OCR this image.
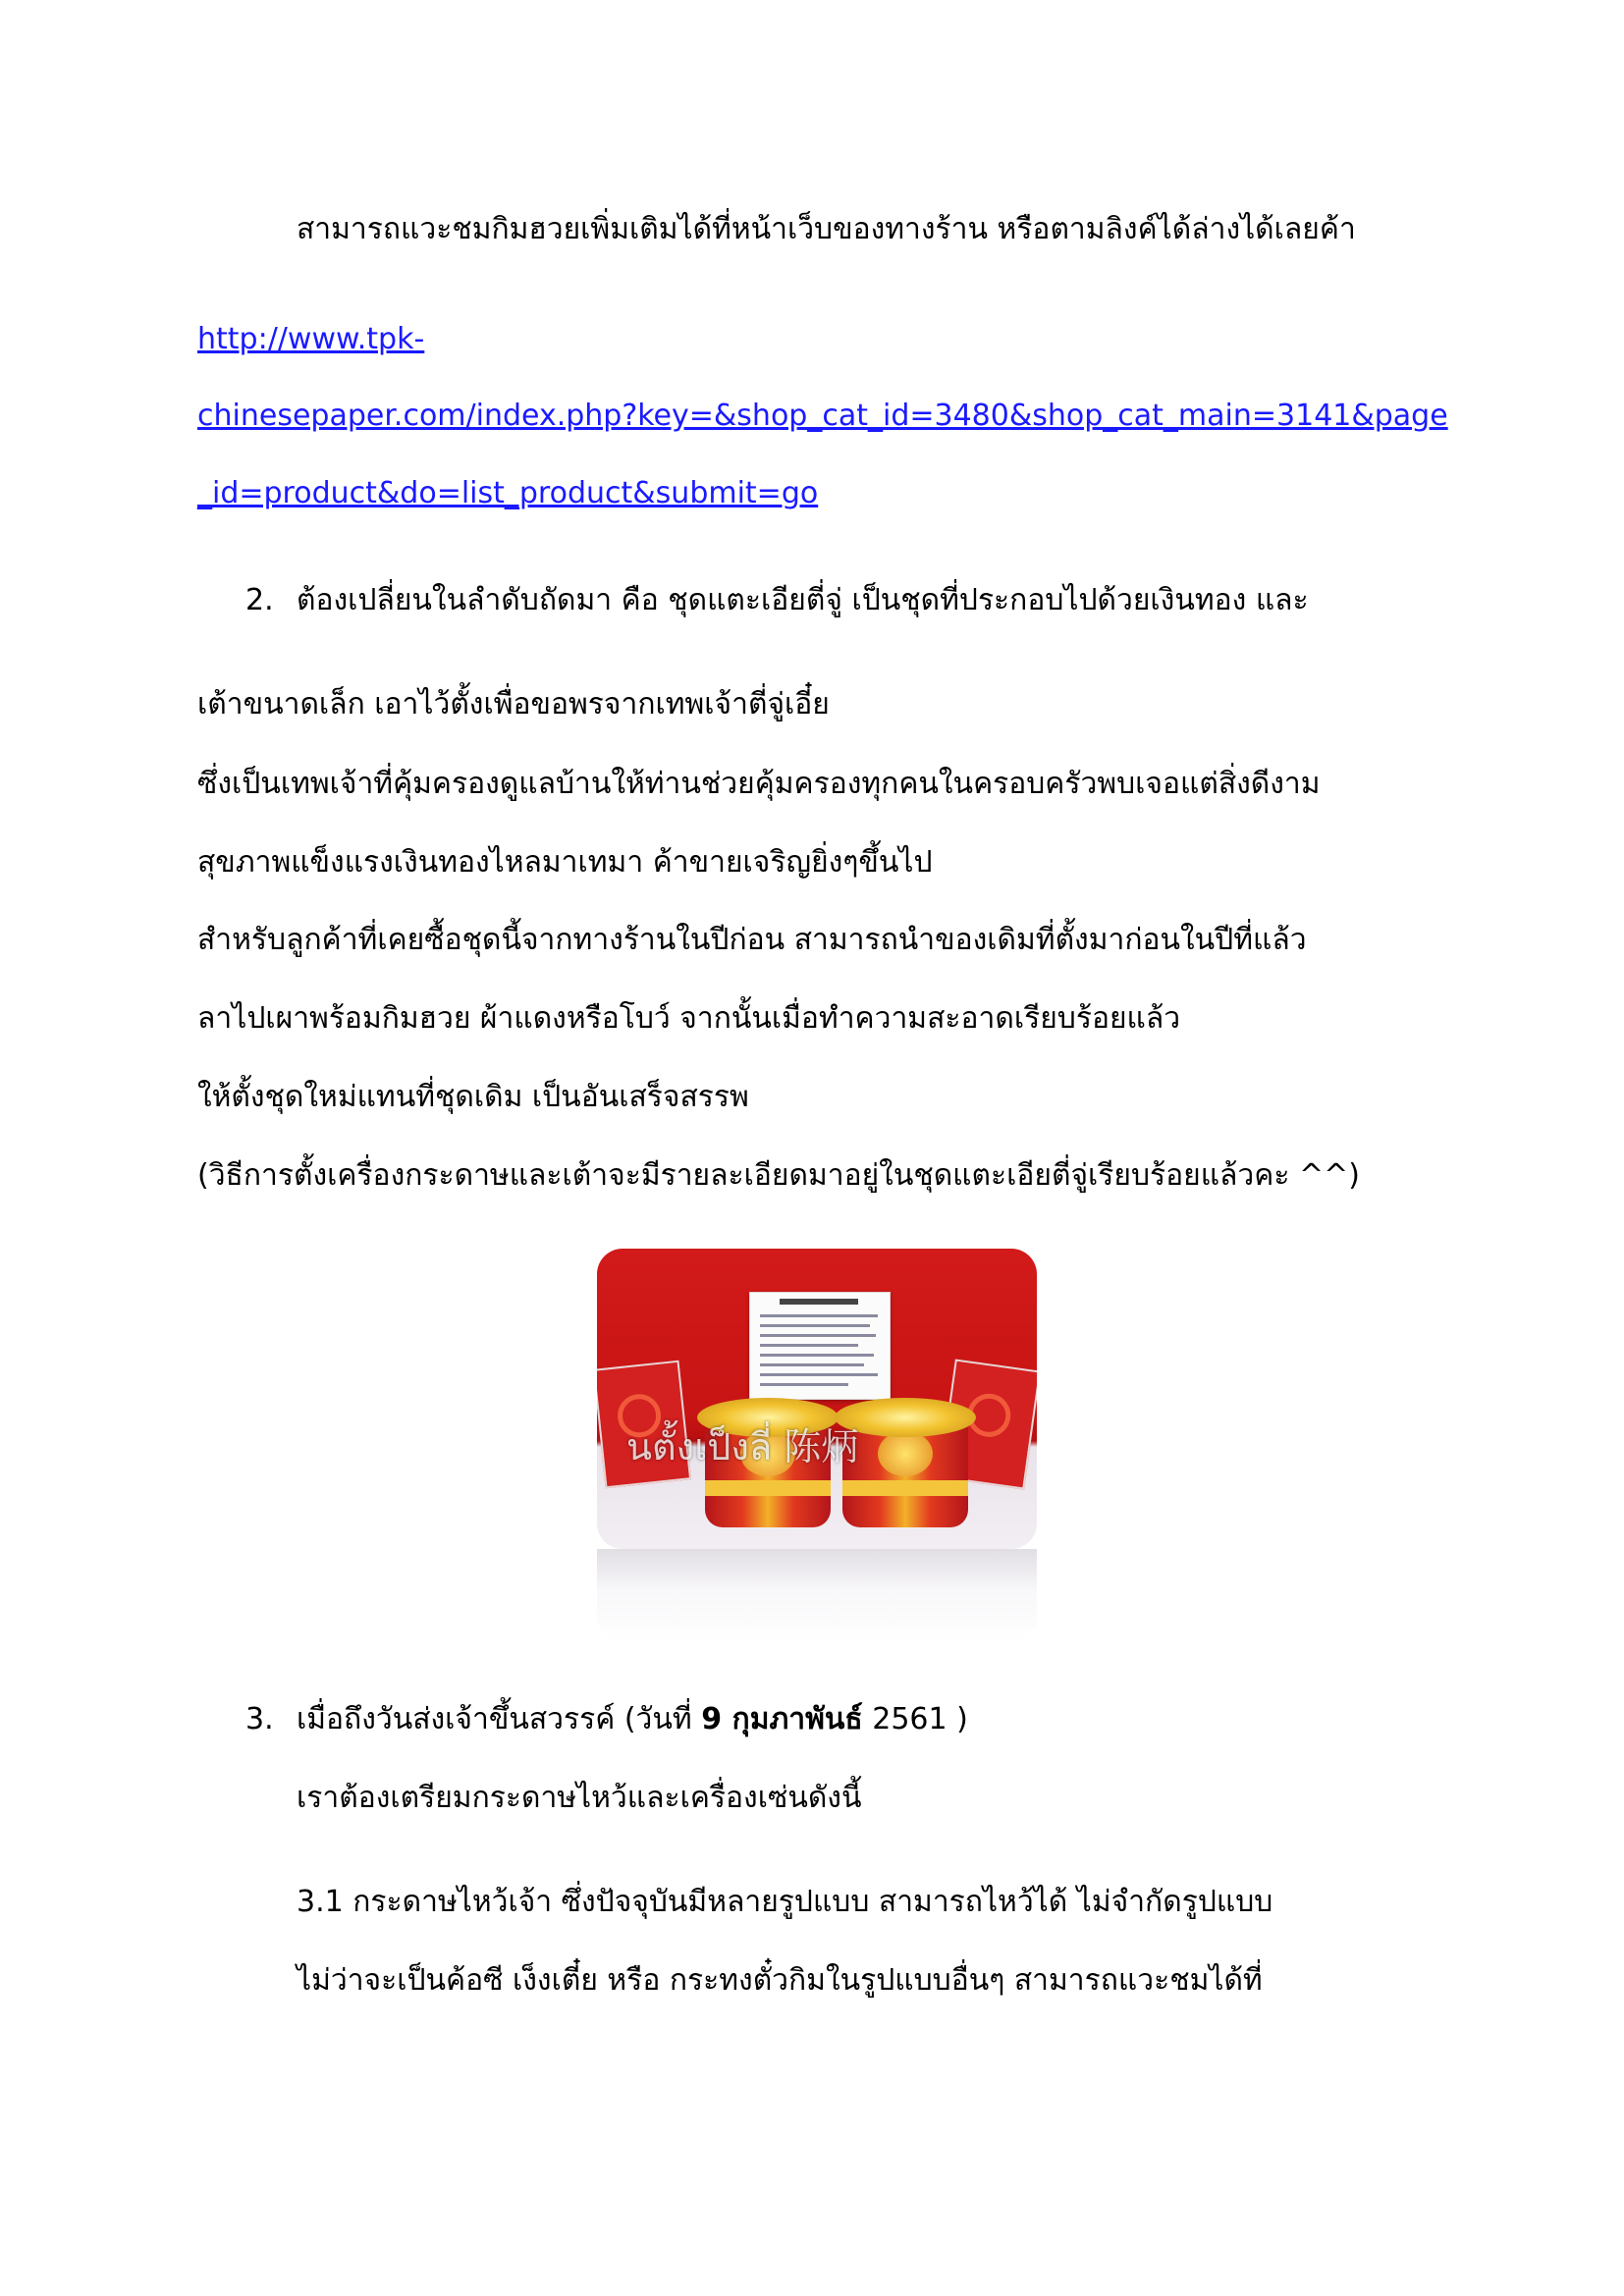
สามารถแวะชมกิมฮวยเพิ่มเติมได้ที่หน้าเว็บของทางร้าน หรือตามลิงค์ได้ล่างได้เลยค้า

http://www.tpk-
chinesepaper.com/index.php?key=&shop_cat_id=3480&shop_cat_main=3141&page
_id=product&do=list_product&submit=go
2. ต้องเปลี่ยนในลำดับถัดมา คือ ชุดแตะเอียตี่จู่ เป็นชุดที่ประกอบไปด้วยเงินทอง และ

เต้าขนาดเล็ก เอาไว้ตั้งเพื่อขอพรจากเทพเจ้าตี่จู่เอี๋ย

ซึ่งเป็นเทพเจ้าที่คุ้มครองดูแลบ้านให้ท่านช่วยคุ้มครองทุกคนในครอบครัวพบเจอแต่สิ่งดีงาม

สุขภาพแข็งแรงเงินทองไหลมาเทมา ค้าขายเจริญยิ่งๆขึ้นไป

สำหรับลูกค้าที่เคยซื้อชุดนี้จากทางร้านในปีก่อน สามารถนำของเดิมที่ตั้งมาก่อนในปีที่แล้ว

ลาไปเผาพร้อมกิมฮวย ผ้าแดงหรือโบว์ จากนั้นเมื่อทำความสะอาดเรียบร้อยแล้ว

ให้ตั้งชุดใหม่แทนที่ชุดเดิม เป็นอันเสร็จสรรพ

(วิธีการตั้งเครื่องกระดาษและเต้าจะมีรายละเอียดมาอยู่ในชุดแตะเอียตี่จู่เรียบร้อยแล้วคะ ^^)

นตั้งเป็งลี่ 陈炳
3. เมื่อถึงวันส่งเจ้าขึ้นสวรรค์ (วันที่ 9 กุมภาพันธ์ 2561 )

เราต้องเตรียมกระดาษไหว้และเครื่องเซ่นดังนี้

3.1 กระดาษไหว้เจ้า ซึ่งปัจจุบันมีหลายรูปแบบ สามารถไหว้ได้ ไม่จำกัดรูปแบบ

ไม่ว่าจะเป็นค้อซี เง็งเตี๋ย หรือ กระทงตั๋วกิมในรูปแบบอื่นๆ สามารถแวะชมได้ที่
